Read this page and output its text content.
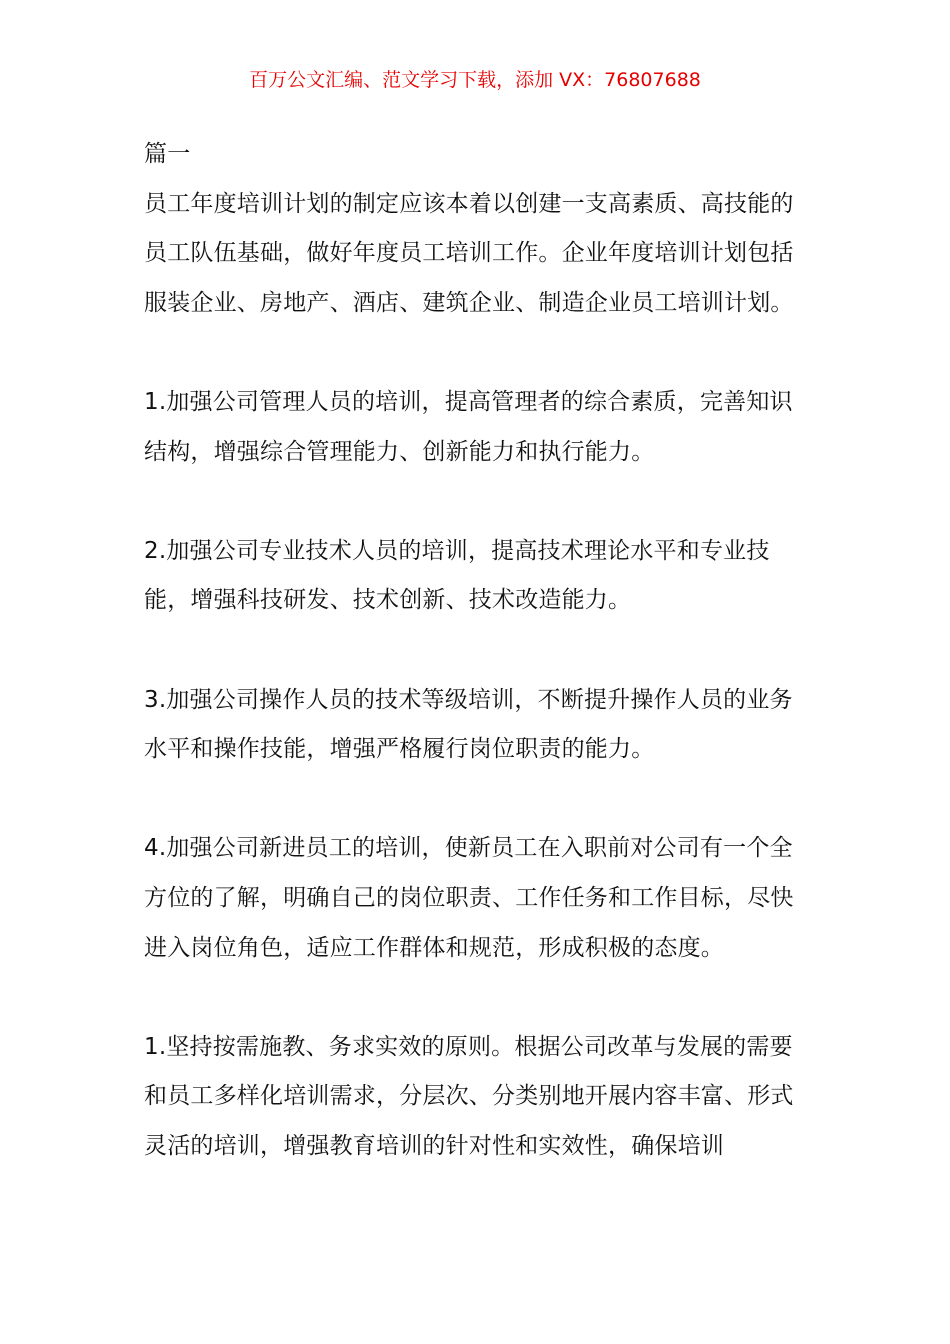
百万公文汇编、范文学习下载，添加 VX：76807688

篇一

员工年度培训计划的制定应该本着以创建一支高素质、高技能的员工队伍基础，做好年度员工培训工作。企业年度培训计划包括服装企业、房地产、酒店、建筑企业、制造企业员工培训计划。

1.加强公司管理人员的培训，提高管理者的综合素质，完善知识结构，增强综合管理能力、创新能力和执行能力。

2.加强公司专业技术人员的培训，提高技术理论水平和专业技能，增强科技研发、技术创新、技术改造能力。

3.加强公司操作人员的技术等级培训，不断提升操作人员的业务水平和操作技能，增强严格履行岗位职责的能力。

4.加强公司新进员工的培训，使新员工在入职前对公司有一个全方位的了解，明确自己的岗位职责、工作任务和工作目标，尽快进入岗位角色，适应工作群体和规范，形成积极的态度。

1.坚持按需施教、务求实效的原则。根据公司改革与发展的需要和员工多样化培训需求，分层次、分类别地开展内容丰富、形式灵活的培训，增强教育培训的针对性和实效性，确保培训
